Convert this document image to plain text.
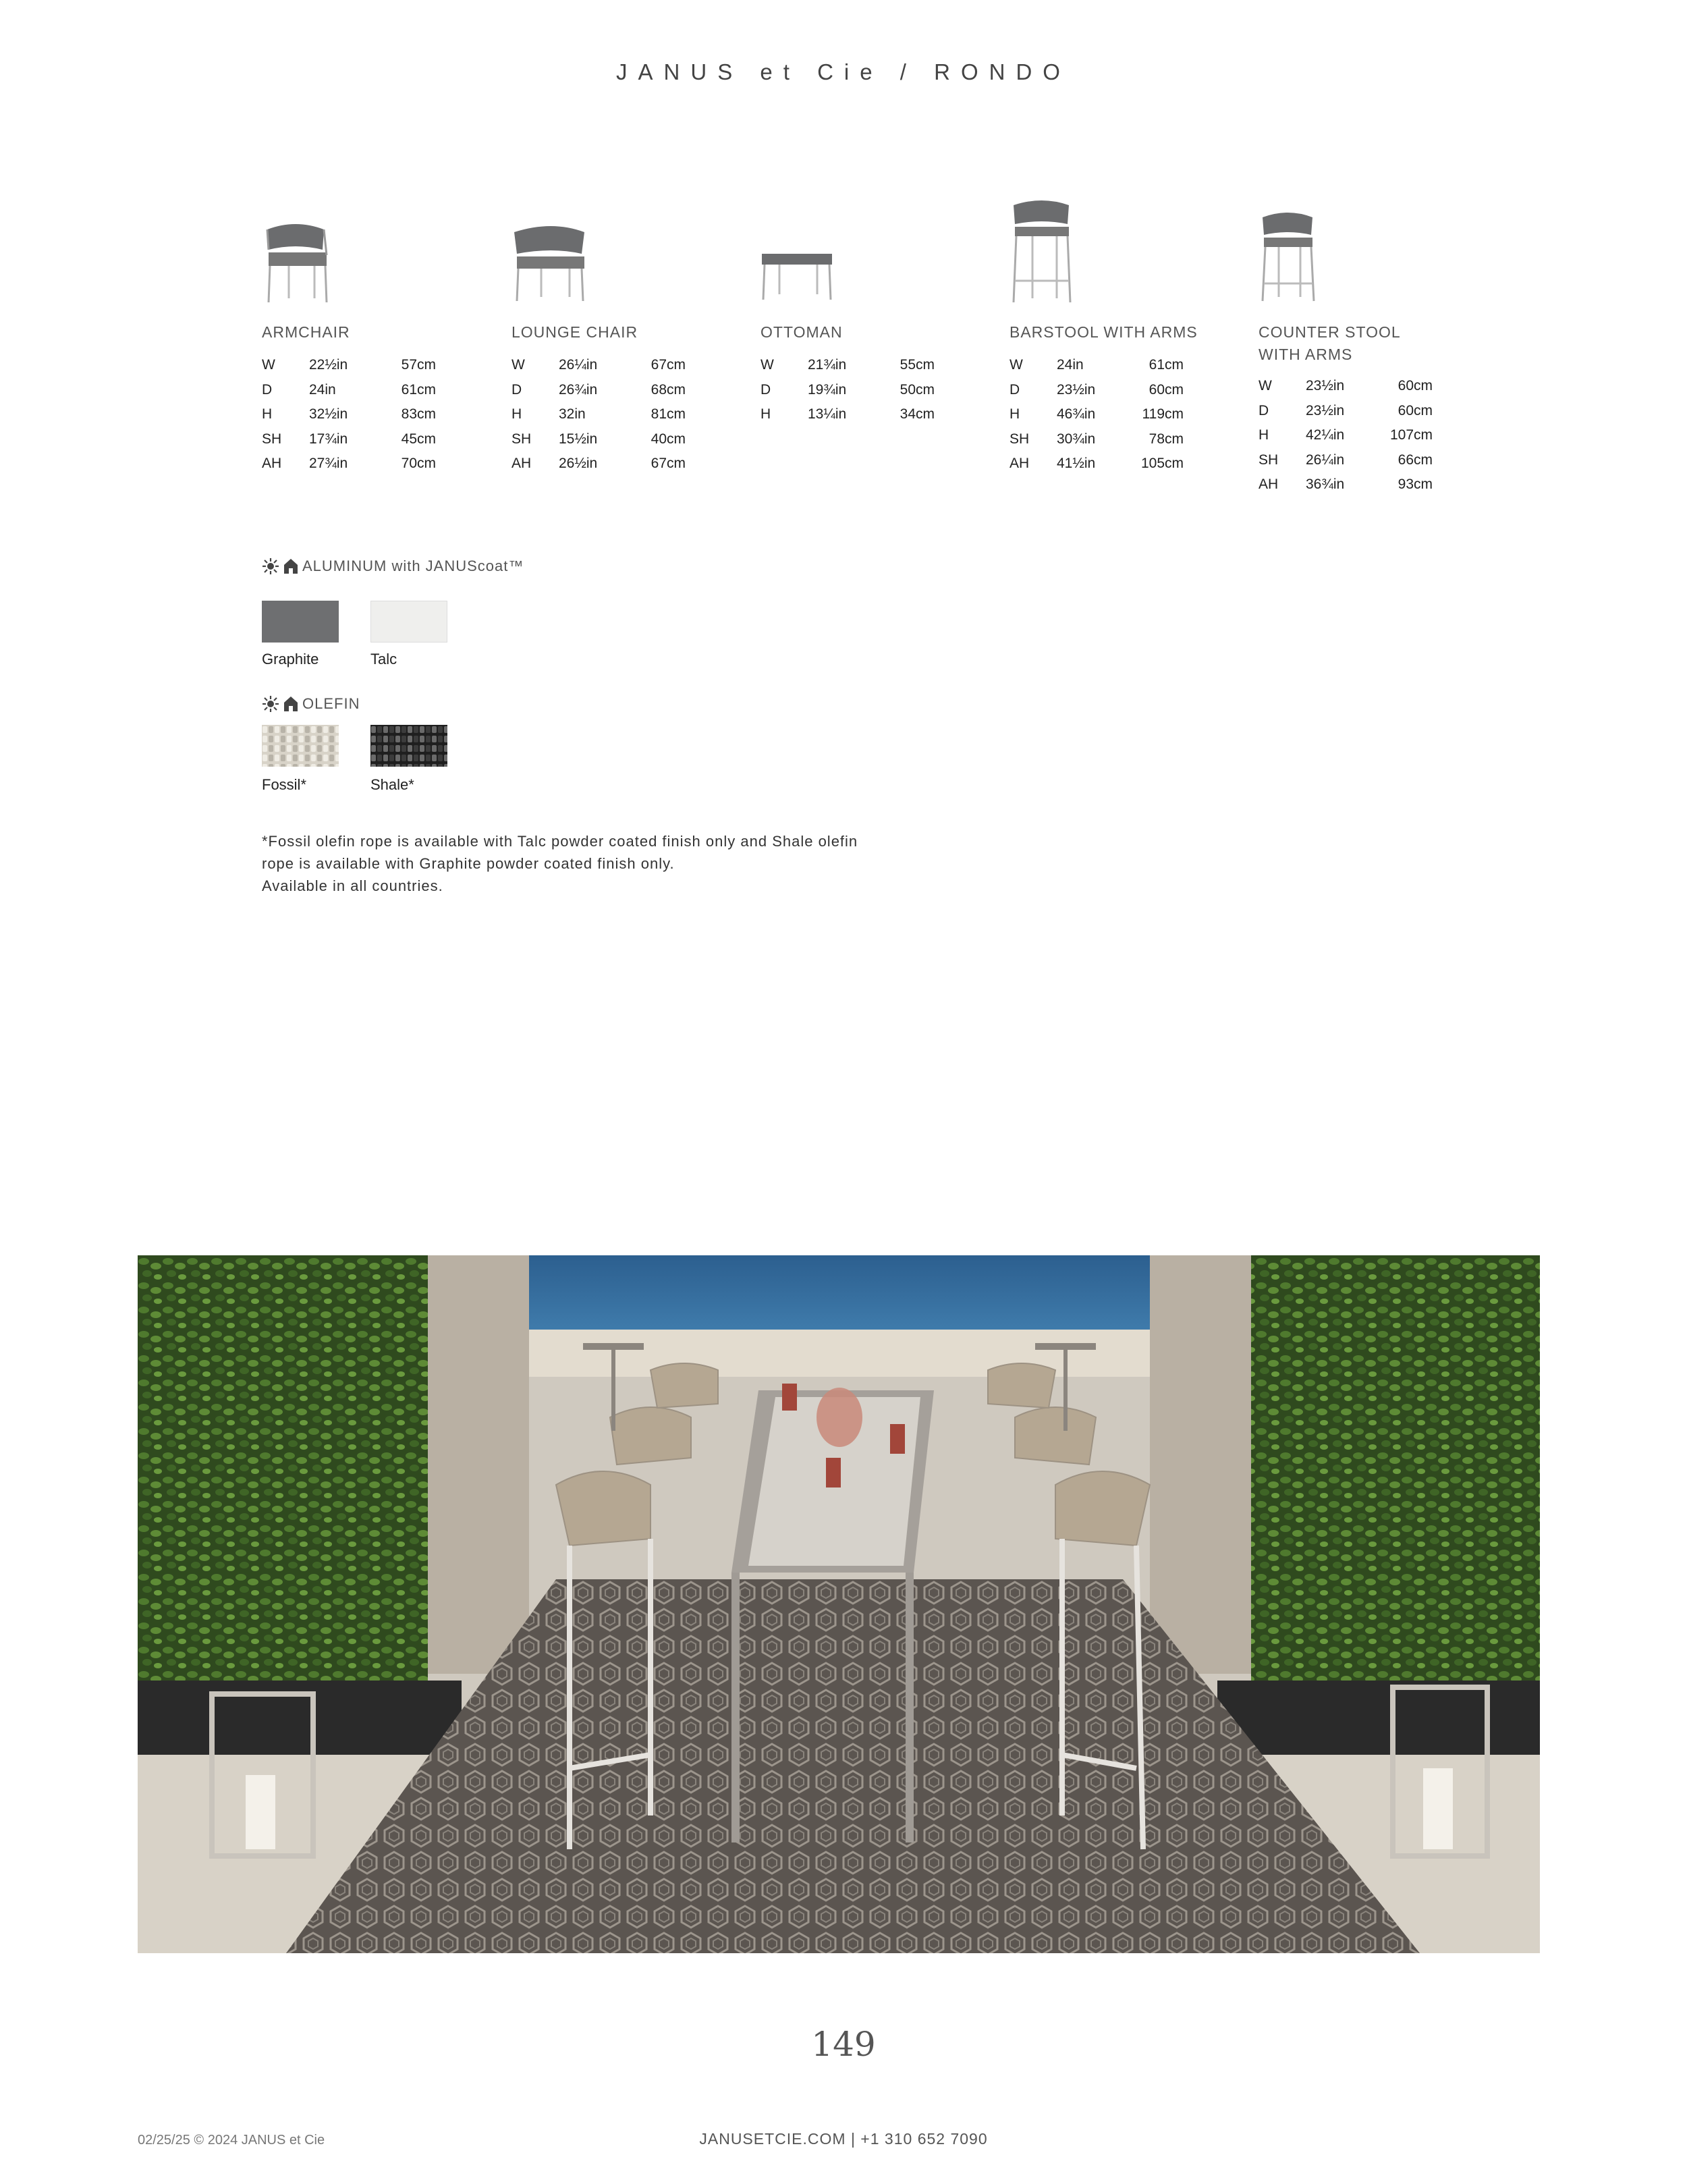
JANUS et Cie / RONDO
ARMCHAIR
W	22½in	57cm
D	24in	61cm
H	32½in	83cm
SH	17¾in	45cm
AH	27¾in	70cm
LOUNGE CHAIR
W	26¼in	67cm
D	26¾in	68cm
H	32in	81cm
SH	15½in	40cm
AH	26½in	67cm
OTTOMAN
W	21¾in	55cm
D	19¾in	50cm
H	13¼in	34cm
BARSTOOL WITH ARMS
W	24in	61cm
D	23½in	60cm
H	46¾in	119cm
SH	30¾in	78cm
AH	41½in	105cm
COUNTER STOOL
WITH ARMS
W	23½in	60cm
D	23½in	60cm
H	42¼in	107cm
SH	26¼in	66cm
AH	36¾in	93cm
ALUMINUM with JANUScoat™
Graphite	Talc
OLEFIN
Fossil*	Shale*
*Fossil olefin rope is available with Talc powder coated finish only and Shale olefin
rope is available with Graphite powder coated finish only.
Available in all countries.
149
02/25/25 © 2024 JANUS et Cie	JANUSETCIE.COM | +1 310 652 7090
